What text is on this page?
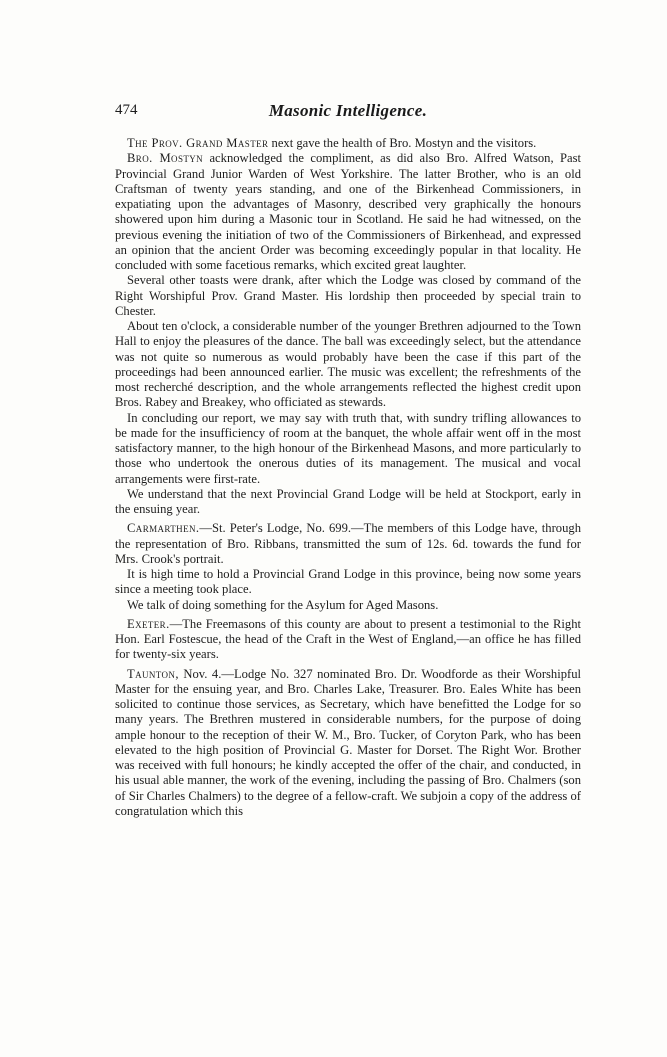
474	Masonic Intelligence.

The Prov. Grand Master next gave the health of Bro. Mostyn and the visitors.

Bro. Mostyn acknowledged the compliment, as did also Bro. Alfred Watson, Past Provincial Grand Junior Warden of West Yorkshire. The latter Brother, who is an old Craftsman of twenty years standing, and one of the Birkenhead Commissioners, in expatiating upon the advantages of Masonry, described very graphically the honours showered upon him during a Masonic tour in Scotland. He said he had witnessed, on the previous evening the initiation of two of the Commissioners of Birkenhead, and expressed an opinion that the ancient Order was becoming exceedingly popular in that locality. He concluded with some facetious remarks, which excited great laughter.

Several other toasts were drank, after which the Lodge was closed by command of the Right Worshipful Prov. Grand Master. His lordship then proceeded by special train to Chester.

About ten o'clock, a considerable number of the younger Brethren adjourned to the Town Hall to enjoy the pleasures of the dance. The ball was exceedingly select, but the attendance was not quite so numerous as would probably have been the case if this part of the proceedings had been announced earlier. The music was excellent; the refreshments of the most recherché description, and the whole arrangements reflected the highest credit upon Bros. Rabey and Breakey, who officiated as stewards.

In concluding our report, we may say with truth that, with sundry trifling allowances to be made for the insufficiency of room at the banquet, the whole affair went off in the most satisfactory manner, to the high honour of the Birkenhead Masons, and more particularly to those who undertook the onerous duties of its management. The musical and vocal arrangements were first-rate.

We understand that the next Provincial Grand Lodge will be held at Stockport, early in the ensuing year.

Carmarthen.—St. Peter's Lodge, No. 699.—The members of this Lodge have, through the representation of Bro. Ribbans, transmitted the sum of 12s. 6d. towards the fund for Mrs. Crook's portrait.

It is high time to hold a Provincial Grand Lodge in this province, being now some years since a meeting took place.

We talk of doing something for the Asylum for Aged Masons.

Exeter.—The Freemasons of this county are about to present a testimonial to the Right Hon. Earl Fostescue, the head of the Craft in the West of England,—an office he has filled for twenty-six years.

Taunton, Nov. 4.—Lodge No. 327 nominated Bro. Dr. Woodforde as their Worshipful Master for the ensuing year, and Bro. Charles Lake, Treasurer. Bro. Eales White has been solicited to continue those services, as Secretary, which have benefitted the Lodge for so many years. The Brethren mustered in considerable numbers, for the purpose of doing ample honour to the reception of their W. M., Bro. Tucker, of Coryton Park, who has been elevated to the high position of Provincial G. Master for Dorset. The Right Wor. Brother was received with full honours; he kindly accepted the offer of the chair, and conducted, in his usual able manner, the work of the evening, including the passing of Bro. Chalmers (son of Sir Charles Chalmers) to the degree of a fellow-craft. We subjoin a copy of the address of congratulation which this
